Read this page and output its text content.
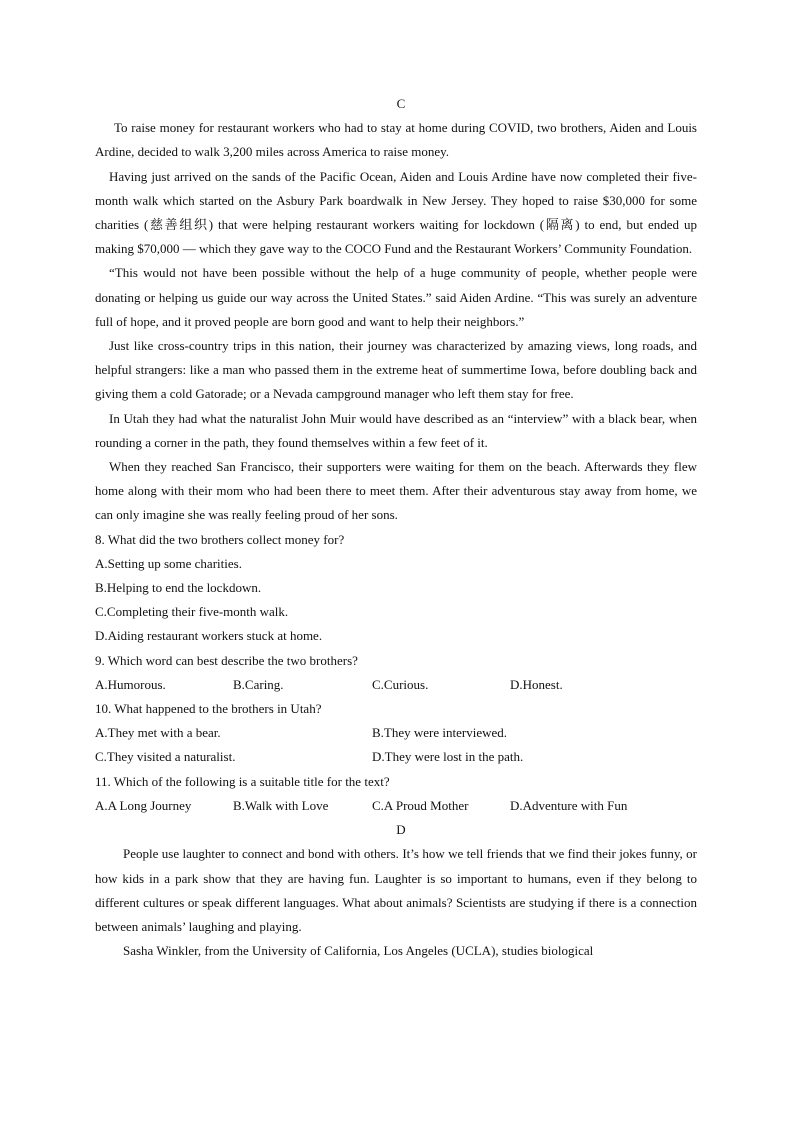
C

To raise money for restaurant workers who had to stay at home during COVID, two brothers, Aiden and Louis Ardine, decided to walk 3,200 miles across America to raise money.

Having just arrived on the sands of the Pacific Ocean, Aiden and Louis Ardine have now completed their five-month walk which started on the Asbury Park boardwalk in New Jersey. They hoped to raise $30,000 for some charities (慈善组织) that were helping restaurant workers waiting for lockdown (隔离) to end, but ended up making $70,000 — which they gave way to the COCO Fund and the Restaurant Workers’ Community Foundation.

“This would not have been possible without the help of a huge community of people, whether people were donating or helping us guide our way across the United States.” said Aiden Ardine. “This was surely an adventure full of hope, and it proved people are born good and want to help their neighbors.”

Just like cross-country trips in this nation, their journey was characterized by amazing views, long roads, and helpful strangers: like a man who passed them in the extreme heat of summertime Iowa, before doubling back and giving them a cold Gatorade; or a Nevada campground manager who left them stay for free.

In Utah they had what the naturalist John Muir would have described as an “interview” with a black bear, when rounding a corner in the path, they found themselves within a few feet of it.

When they reached San Francisco, their supporters were waiting for them on the beach. Afterwards they flew home along with their mom who had been there to meet them. After their adventurous stay away from home, we can only imagine she was really feeling proud of her sons.

8. What did the two brothers collect money for?

A.Setting up some charities.

B.Helping to end the lockdown.

C.Completing their five-month walk.

D.Aiding restaurant workers stuck at home.

9. Which word can best describe the two brothers?

A.Humorous.	B.Caring.	C.Curious.	D.Honest.

10. What happened to the brothers in Utah?

A.They met with a bear.	B.They were interviewed.
C.They visited a naturalist.	D.They were lost in the path.

11. Which of the following is a suitable title for the text?

A.A Long Journey	B.Walk with Love	C.A Proud Mother	D.Adventure with Fun

D

People use laughter to connect and bond with others. It’s how we tell friends that we find their jokes funny, or how kids in a park show that they are having fun. Laughter is so important to humans, even if they belong to different cultures or speak different languages. What about animals? Scientists are studying if there is a connection between animals’ laughing and playing.

Sasha Winkler, from the University of California, Los Angeles (UCLA), studies biological
